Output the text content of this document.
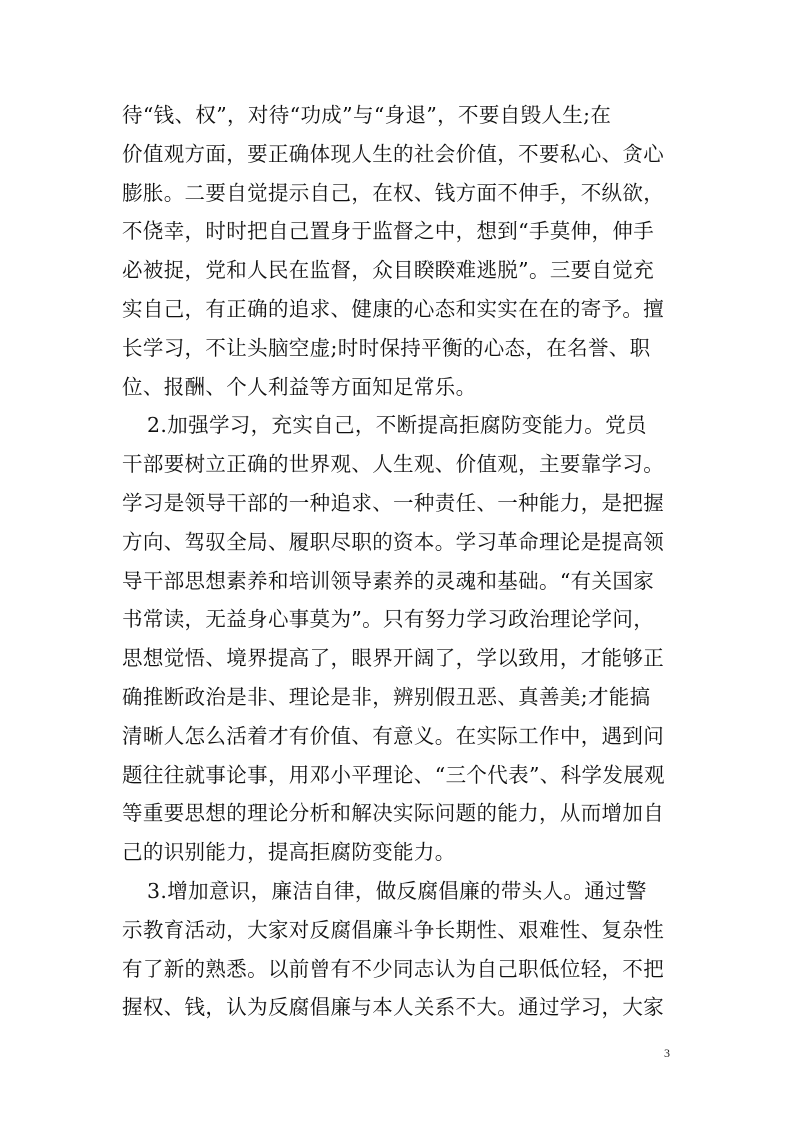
待“钱、权”，对待“功成”与“身退”，不要自毁人生;在
价值观方面，要正确体现人生的社会价值，不要私心、贪心
膨胀。二要自觉提示自己，在权、钱方面不伸手，不纵欲，
不侥幸，时时把自己置身于监督之中，想到“手莫伸，伸手
必被捉，党和人民在监督，众目睽睽难逃脱”。三要自觉充
实自己，有正确的追求、健康的心态和实实在在的寄予。擅
长学习，不让头脑空虚;时时保持平衡的心态，在名誉、职
位、报酬、个人利益等方面知足常乐。
2.加强学习，充实自己，不断提高拒腐防变能力。党员
干部要树立正确的世界观、人生观、价值观，主要靠学习。
学习是领导干部的一种追求、一种责任、一种能力，是把握
方向、驾驭全局、履职尽职的资本。学习革命理论是提高领
导干部思想素养和培训领导素养的灵魂和基础。“有关国家
书常读，无益身心事莫为”。只有努力学习政治理论学问，
思想觉悟、境界提高了，眼界开阔了，学以致用，才能够正
确推断政治是非、理论是非，辨别假丑恶、真善美;才能搞
清晰人怎么活着才有价值、有意义。在实际工作中，遇到问
题往往就事论事，用邓小平理论、“三个代表”、科学发展观
等重要思想的理论分析和解决实际问题的能力，从而增加自
己的识别能力，提高拒腐防变能力。
3.增加意识，廉洁自律，做反腐倡廉的带头人。通过警
示教育活动，大家对反腐倡廉斗争长期性、艰难性、复杂性
有了新的熟悉。以前曾有不少同志认为自己职低位轻，不把
握权、钱，认为反腐倡廉与本人关系不大。通过学习，大家
3
